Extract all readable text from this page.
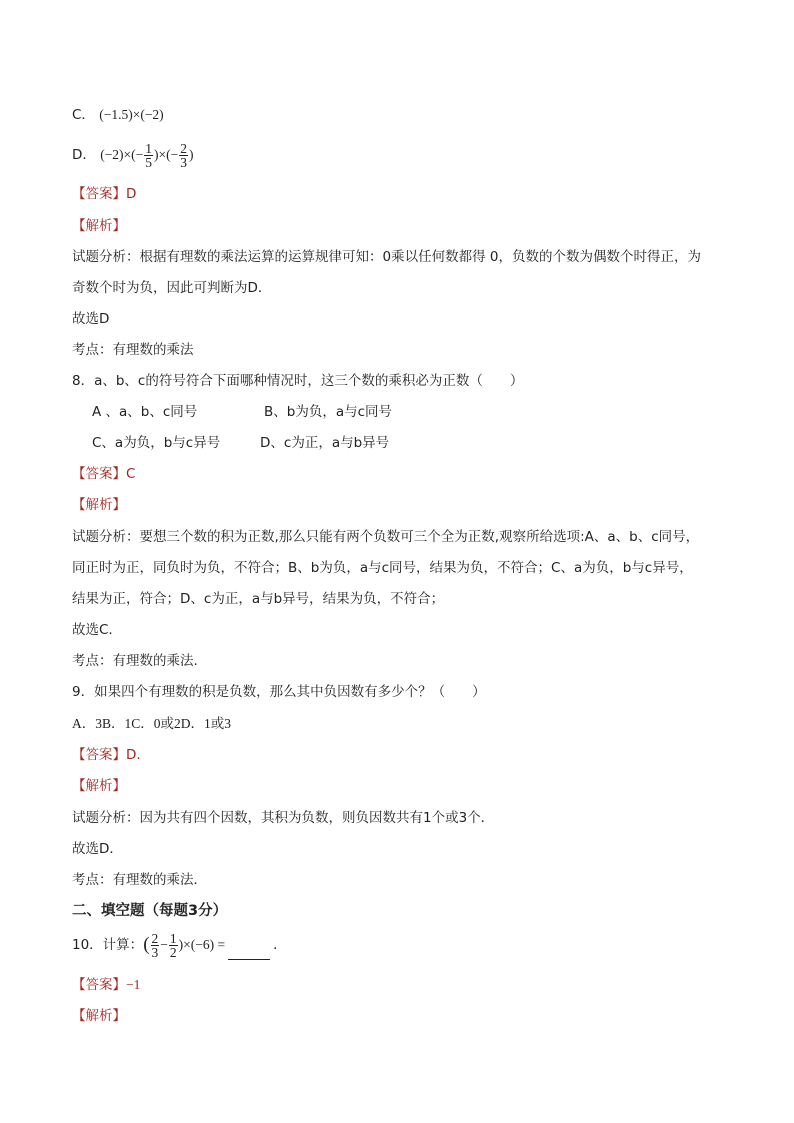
C． (−1.5)×(−2)
D． $(-2)\times(- \frac{1}{5}$ )×(− $\frac{2}{3}$ )
【答案】D
【解析】
试题分析：根据有理数的乘法运算的运算规律可知：0乘以任何数都得 0，负数的个数为偶数个时得正，为
奇数个时为负，因此可判断为D．
故选D
考点：有理数的乘法
8．a、b、c的符号符合下面哪种情况时，这三个数的乘积必为正数（　　）
A 、a、b、c同号	B、b为负，a与c同号
C、a为负，b与c异号	D、c为正，a与b异号
【答案】C
【解析】
试题分析：要想三个数的积为正数,那么只能有两个负数可三个全为正数,观察所给选项:A、a、b、c同号，
同正时为正，同负时为负，不符合；B、b为负，a与c同号，结果为负，不符合；C、a为负，b与c异号，
结果为正，符合；D、c为正，a与b异号，结果为负，不符合；
故选C.
考点：有理数的乘法.
9．如果四个有理数的积是负数，那么其中负因数有多少个？（　　）
A．3B．1C．0或2D．1或3
【答案】D.
【解析】
试题分析：因为共有四个因数，其积为负数，则负因数共有1个或3个．
故选D．
考点：有理数的乘法．
二、填空题（每题3分）
10．计算：( $\frac{2}{3} - \frac{1}{2} )\times(-6)$ =	．
【答案】−1
【解析】
